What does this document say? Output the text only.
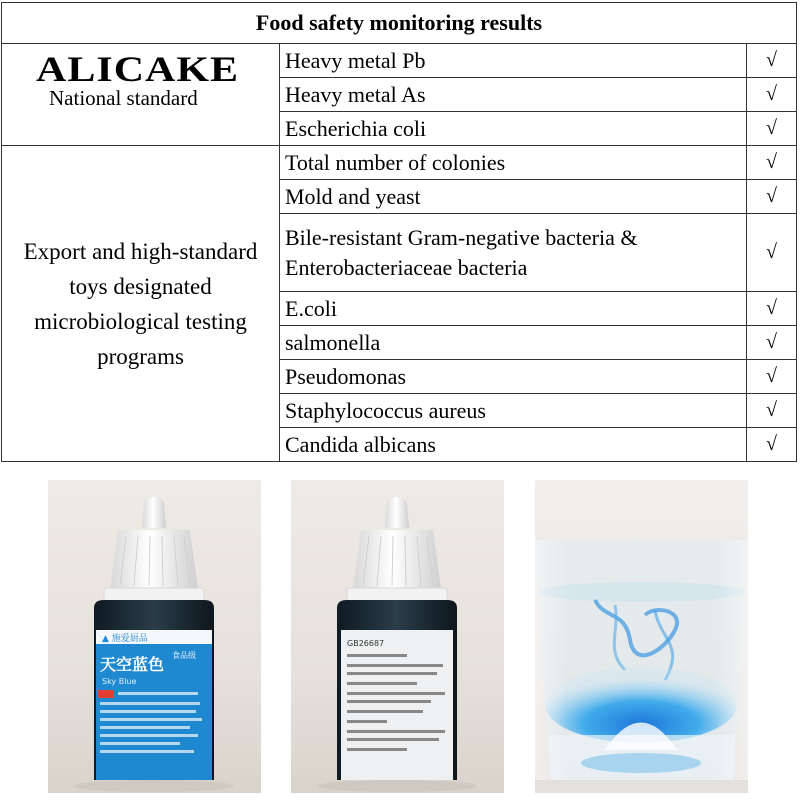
Food safety monitoring results		

ALICAKE
National standard	Heavy metal Pb	√
	Heavy metal As	√
	Escherichia coli	√
Export and high-standard
toys designated
microbiological testing
programs	Total number of colonies	√
	Mold and yeast	√
	Bile-resistant Gram-negative bacteria &
Enterobacteriaceae bacteria	√
	E.coli	√
	salmonella	√
	Pseudomonas	√
	Staphylococcus aureus	√
	Candida albicans	√
▲ 施爱厨品
天空蓝色 食品级
Sky Blue
GB26687
